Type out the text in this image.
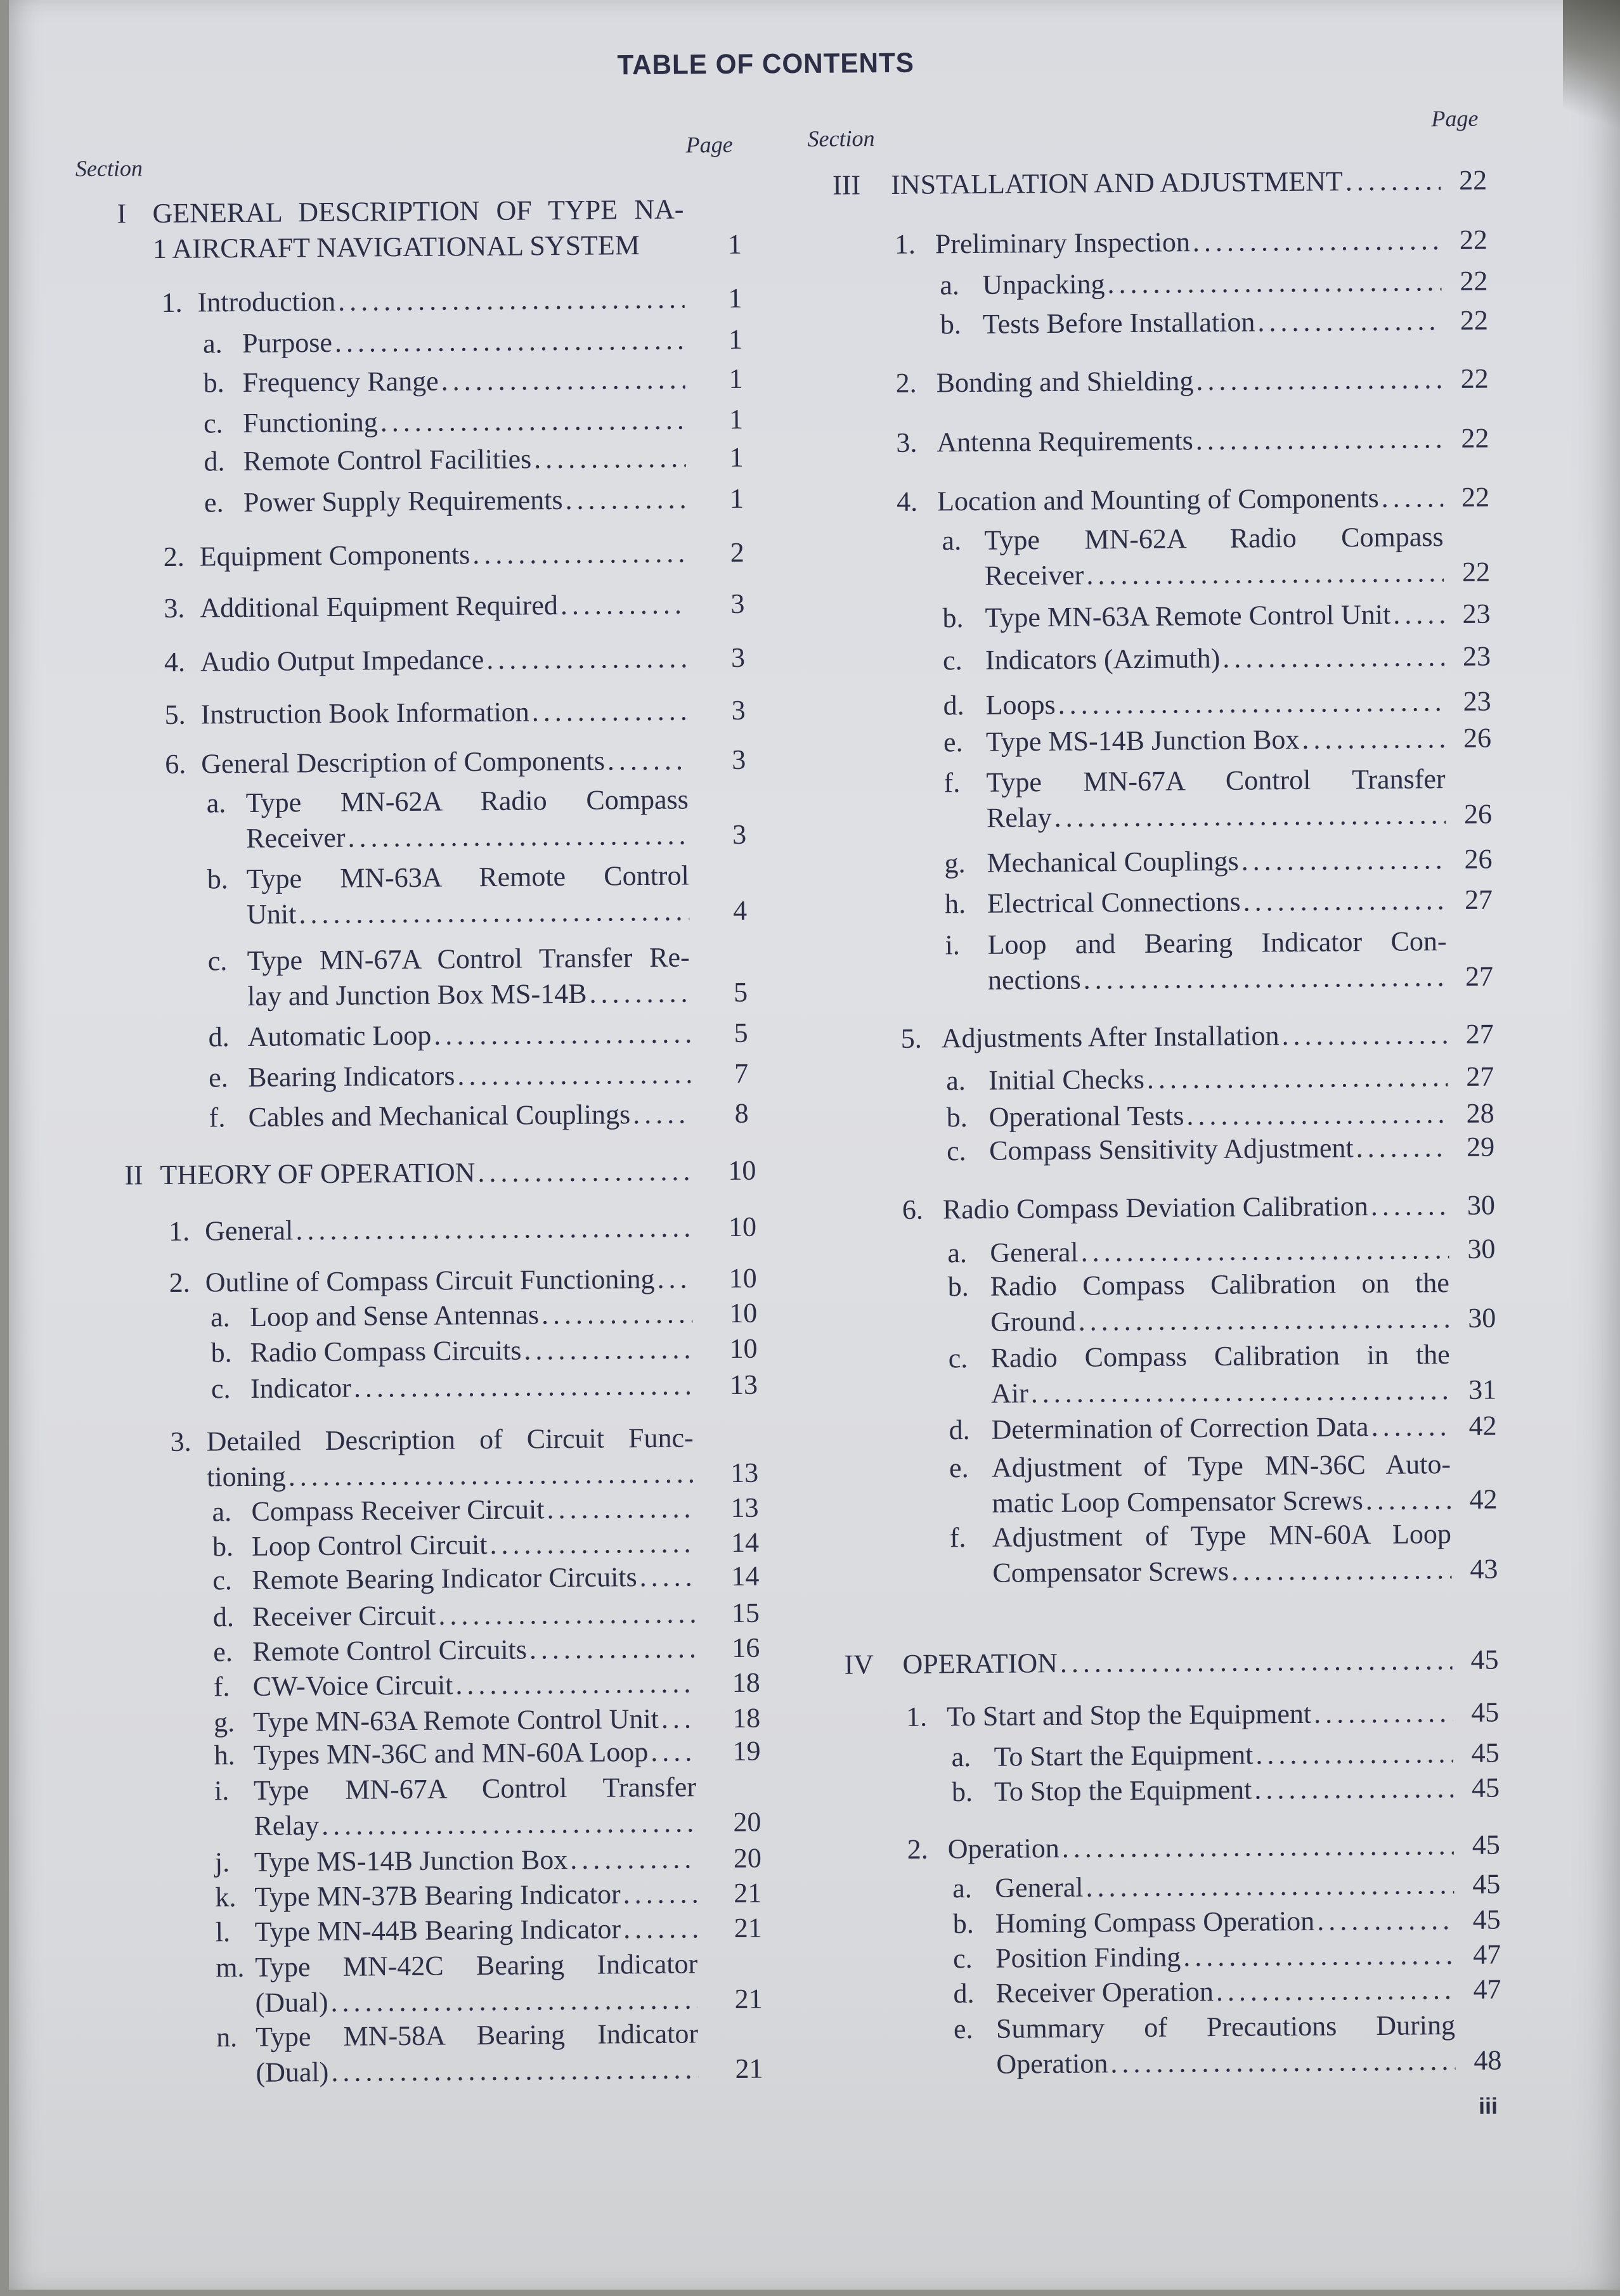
TABLE OF CONTENTS
Section
Page	Section
Page
I GENERAL DESCRIPTION OF TYPE NA-
1 AIRCRAFT NAVIGATIONAL SYSTEM	1
1. Introduction . . .	1
a. Purpose . . .	1
b. Frequency Range . . .	1
c. Functioning . . .	1
d. Remote Control Facilities . . .	1
e. Power Supply Requirements . . .	1
2. Equipment Components . . .	2
3. Additional Equipment Required . . .	3
4. Audio Output Impedance . . .	3
5. Instruction Book Information . . .	3
6. General Description of Components . . .	3
a. Type MN-62A Radio Compass
Receiver . . .	3
b. Type MN-63A Remote Control
Unit . . .	4
c. Type MN-67A Control Transfer Re-
lay and Junction Box MS-14B . . .	5
d. Automatic Loop . . .	5
e. Bearing Indicators . . .	7
f. Cables and Mechanical Couplings . . .	8
II THEORY OF OPERATION . . .	10
1. General . . .	10
2. Outline of Compass Circuit Functioning . . .	10
a. Loop and Sense Antennas . . .	10
b. Radio Compass Circuits . . .	10
c. Indicator . . .	13
3. Detailed Description of Circuit Func-
tioning . . .	13
a. Compass Receiver Circuit . . .	13
b. Loop Control Circuit . . .	14
c. Remote Bearing Indicator Circuits . . .	14
d. Receiver Circuit . . .	15
e. Remote Control Circuits . . .	16
f. CW-Voice Circuit . . .	18
g. Type MN-63A Remote Control Unit . . .	18
h. Types MN-36C and MN-60A Loop . . .	19
i. Type MN-67A Control Transfer
Relay . . .	20
j. Type MS-14B Junction Box . . .	20
k. Type MN-37B Bearing Indicator . . .	21
l. Type MN-44B Bearing Indicator . . .	21
m. Type MN-42C Bearing Indicator
(Dual) . . .	21
n. Type MN-58A Bearing Indicator
(Dual) . . .	21
III	INSTALLATION AND ADJUSTMENT . . .	22
1. Preliminary Inspection . . .	22
a. Unpacking . . .	22
b. Tests Before Installation . . .	22
2. Bonding and Shielding . . .	22
3. Antenna Requirements . . .	22
4. Location and Mounting of Components . . .	22
a. Type MN-62A Radio Compass
Receiver . . .	22
b. Type MN-63A Remote Control Unit . . .	23
c. Indicators (Azimuth) . . .	23
d. Loops . . .	23
e. Type MS-14B Junction Box . . .	26
f. Type MN-67A Control Transfer
Relay . . .	26
g. Mechanical Couplings . . .	26
h. Electrical Connections . . .	27
i. Loop and Bearing Indicator Con-
nections . . .	27
5. Adjustments After Installation . . .	27
a. Initial Checks . . .	27
b. Operational Tests . . .	28
c. Compass Sensitivity Adjustment . . .	29
6. Radio Compass Deviation Calibration . . .	30
a. General . . .	30
b. Radio Compass Calibration on the
Ground . . .	30
c. Radio Compass Calibration in the
Air . . .	31
d. Determination of Correction Data . . .	42
e. Adjustment of Type MN-36C Auto-
matic Loop Compensator Screws . . .	42
f. Adjustment of Type MN-60A Loop
Compensator Screws . . .	43
IV	OPERATION . . .	45
1. To Start and Stop the Equipment . . .	45
a. To Start the Equipment . . .	45
b. To Stop the Equipment . . .	45
2. Operation . . .	45
a. General . . .	45
b. Homing Compass Operation . . .	45
c. Position Finding . . .	47
d. Receiver Operation . . .	47
e. Summary of Precautions During
Operation . . .	48
iii
